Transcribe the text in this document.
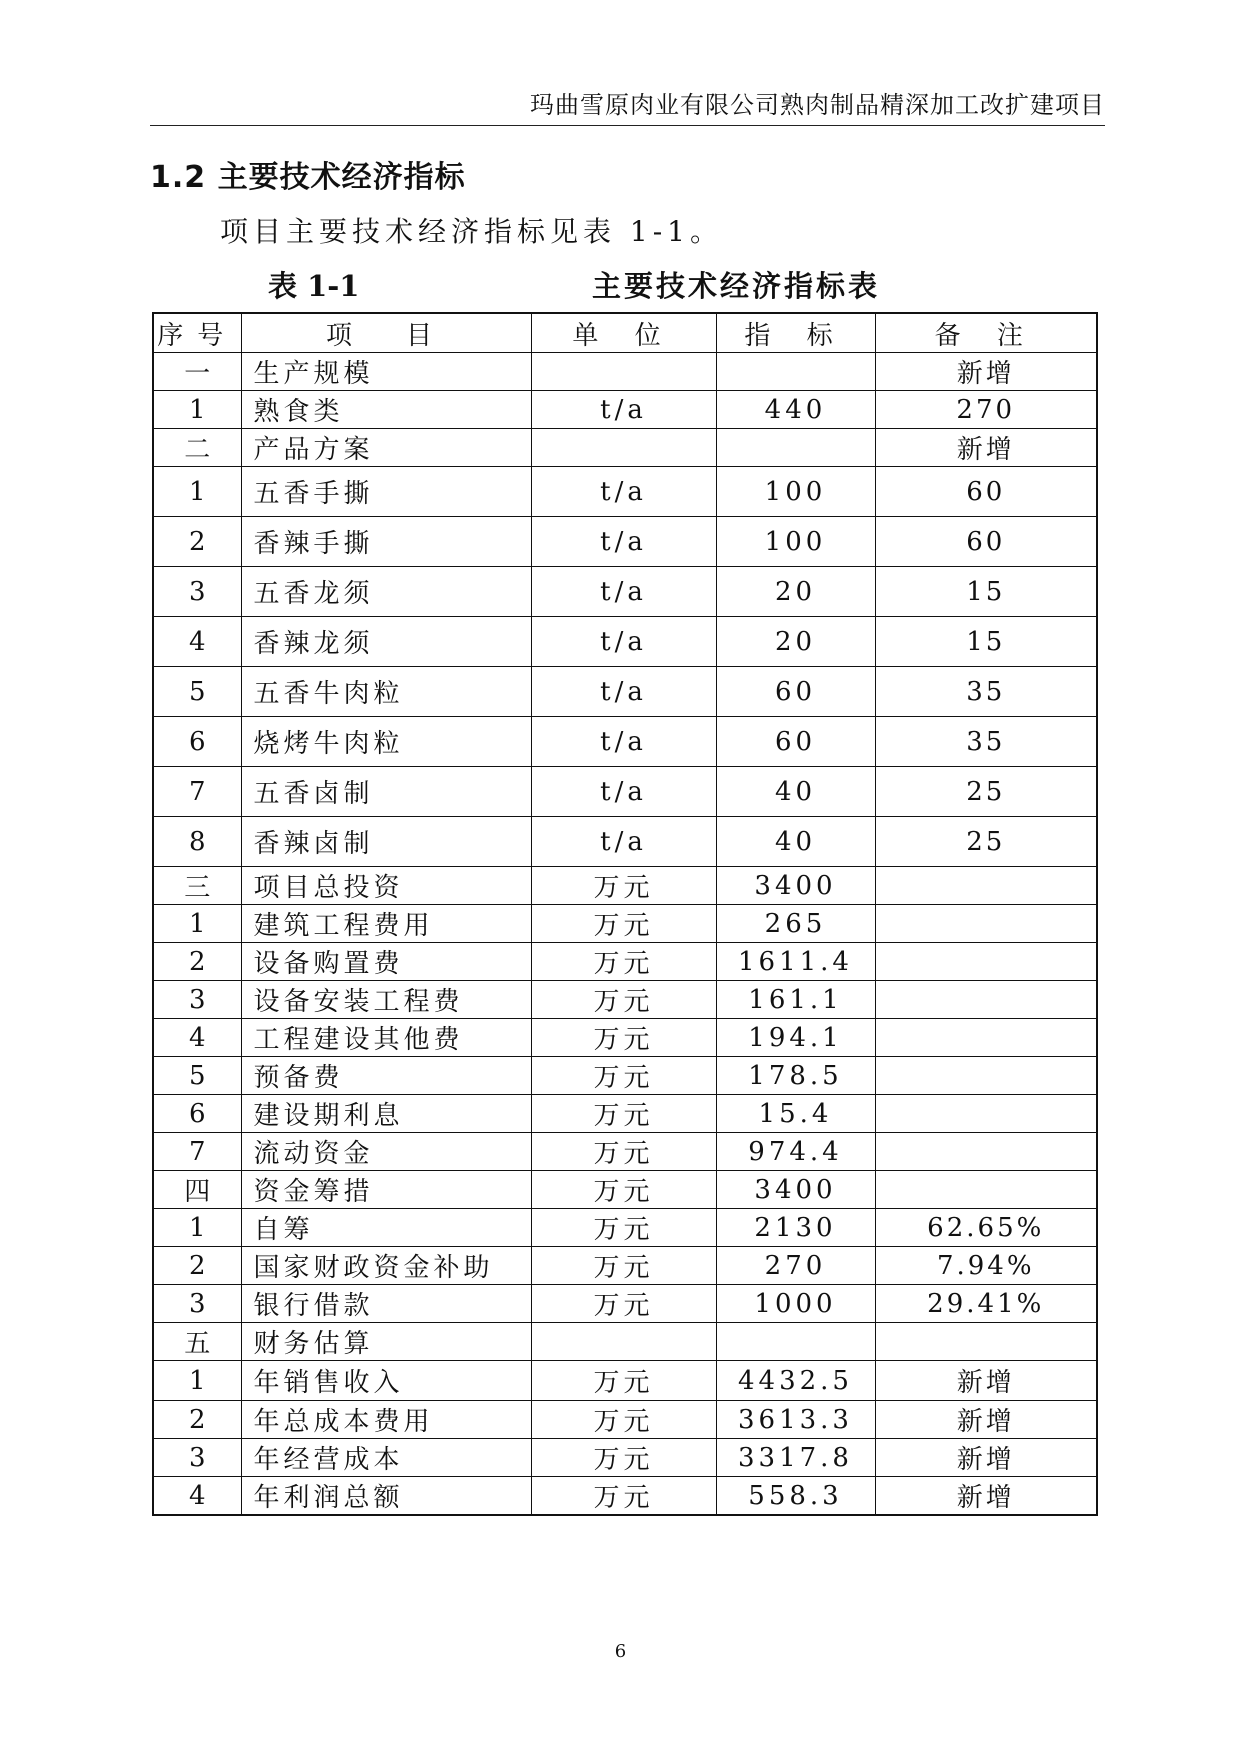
玛曲雪原肉业有限公司熟肉制品精深加工改扩建项目
1.2 主要技术经济指标
项目主要技术经济指标见表 1-1。
表 1-1	主要技术经济指标表
序号	项　目	单 位	指 标	备 注
一	生产规模			新增
1	熟食类	t/a	440	270
二	产品方案			新增
1	五香手撕	t/a	100	60
2	香辣手撕	t/a	100	60
3	五香龙须	t/a	20	15
4	香辣龙须	t/a	20	15
5	五香牛肉粒	t/a	60	35
6	烧烤牛肉粒	t/a	60	35
7	五香卤制	t/a	40	25
8	香辣卤制	t/a	40	25
三	项目总投资	万元	3400	
1	建筑工程费用	万元	265	
2	设备购置费	万元	1611.4	
3	设备安装工程费	万元	161.1	
4	工程建设其他费	万元	194.1	
5	预备费	万元	178.5	
6	建设期利息	万元	15.4	
7	流动资金	万元	974.4	
四	资金筹措	万元	3400	
1	自筹	万元	2130	62.65%
2	国家财政资金补助	万元	270	7.94%
3	银行借款	万元	1000	29.41%
五	财务估算			
1	年销售收入	万元	4432.5	新增
2	年总成本费用	万元	3613.3	新增
3	年经营成本	万元	3317.8	新增
4	年利润总额	万元	558.3	新增
6
